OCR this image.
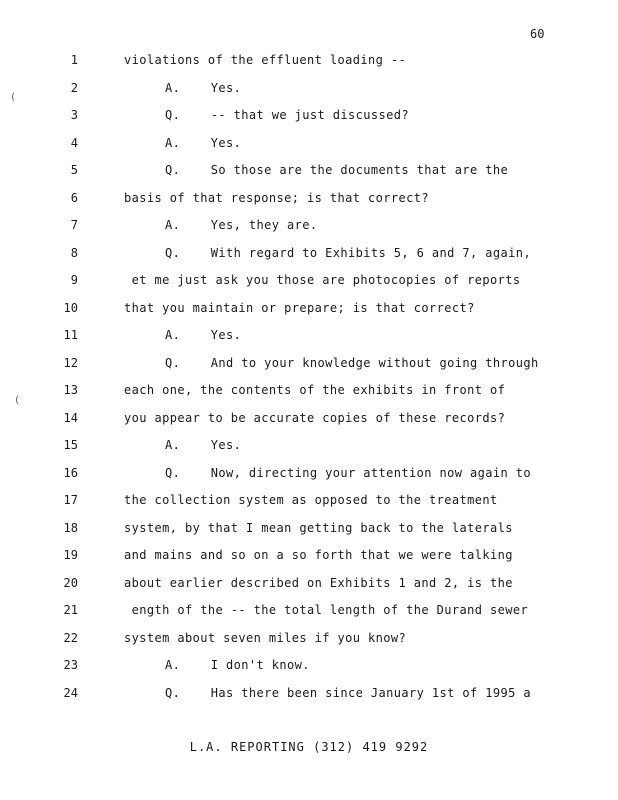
60
(
(
1	violations of the effluent loading --
2	A.    Yes.
3	Q.    -- that we just discussed?
4	A.    Yes.
5	Q.    So those are the documents that are the
6	basis of that response; is that correct?
7	A.    Yes, they are.
8	Q.    With regard to Exhibits 5, 6 and 7, again,
9	et me just ask you those are photocopies of reports
10	that you maintain or prepare; is that correct?
11	A.    Yes.
12	Q.    And to your knowledge without going through
13	each one, the contents of the exhibits in front of
14	you appear to be accurate copies of these records?
15	A.    Yes.
16	Q.    Now, directing your attention now again to
17	the collection system as opposed to the treatment
18	system, by that I mean getting back to the laterals
19	and mains and so on a so forth that we were talking
20	about earlier described on Exhibits 1 and 2, is the
21	ength of the -- the total length of the Durand sewer
22	system about seven miles if you know?
23	A.    I don't know.
24	Q.    Has there been since January 1st of 1995 a
L.A. REPORTING (312) 419 9292
